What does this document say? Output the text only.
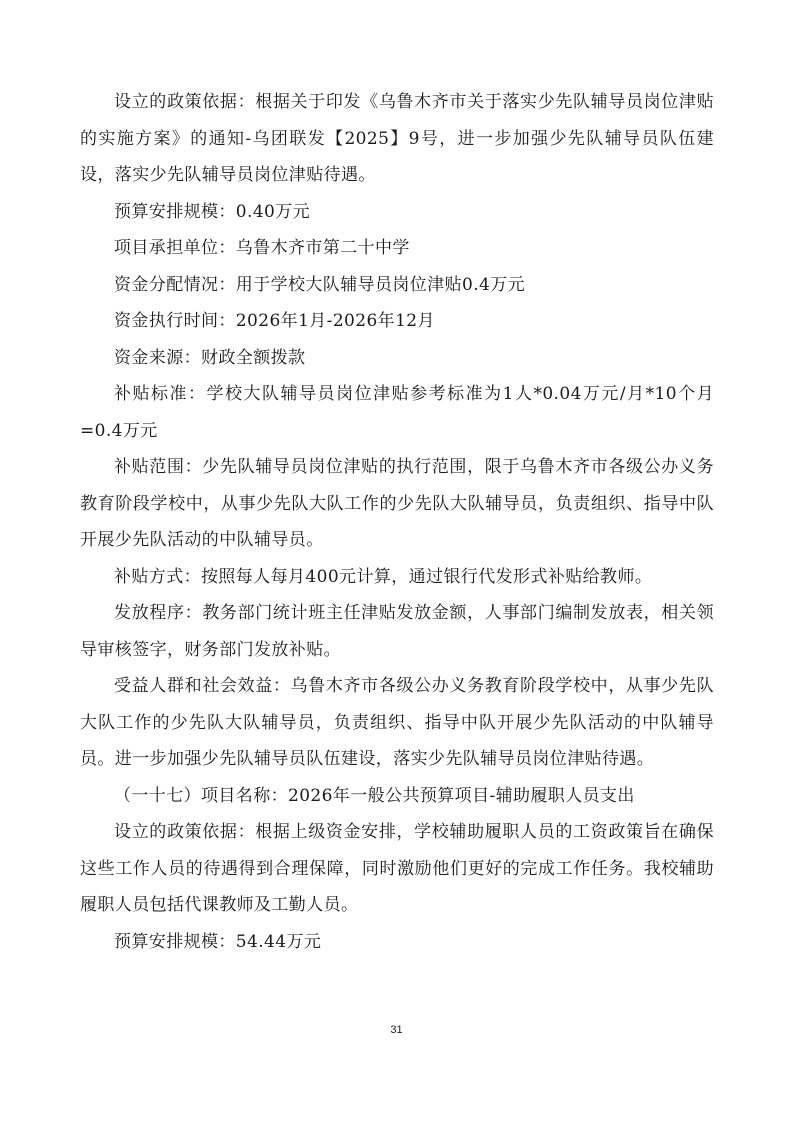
设立的政策依据：根据关于印发《乌鲁木齐市关于落实少先队辅导员岗位津贴的实施方案》的通知-乌团联发【2025】9号，进一步加强少先队辅导员队伍建设，落实少先队辅导员岗位津贴待遇。

预算安排规模：0.40万元

项目承担单位：乌鲁木齐市第二十中学

资金分配情况：用于学校大队辅导员岗位津贴0.4万元

资金执行时间：2026年1月-2026年12月

资金来源：财政全额拨款

补贴标准：学校大队辅导员岗位津贴参考标准为1人*0.04万元/月*10个月=0.4万元

补贴范围：少先队辅导员岗位津贴的执行范围，限于乌鲁木齐市各级公办义务教育阶段学校中，从事少先队大队工作的少先队大队辅导员，负责组织、指导中队开展少先队活动的中队辅导员。

补贴方式：按照每人每月400元计算，通过银行代发形式补贴给教师。

发放程序：教务部门统计班主任津贴发放金额，人事部门编制发放表，相关领导审核签字，财务部门发放补贴。

受益人群和社会效益：乌鲁木齐市各级公办义务教育阶段学校中，从事少先队大队工作的少先队大队辅导员，负责组织、指导中队开展少先队活动的中队辅导员。进一步加强少先队辅导员队伍建设，落实少先队辅导员岗位津贴待遇。

（一十七）项目名称：2026年一般公共预算项目-辅助履职人员支出

设立的政策依据：根据上级资金安排，学校辅助履职人员的工资政策旨在确保这些工作人员的待遇得到合理保障，同时激励他们更好的完成工作任务。我校辅助履职人员包括代课教师及工勤人员。

预算安排规模：54.44万元

31
